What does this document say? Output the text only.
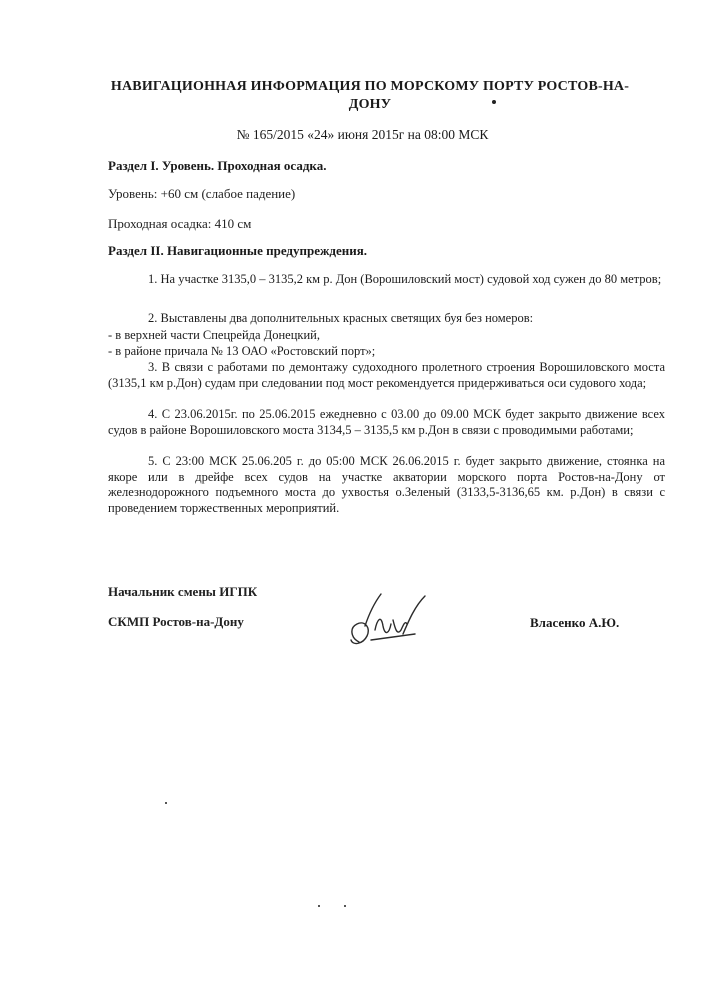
НАВИГАЦИОННАЯ ИНФОРМАЦИЯ ПО МОРСКОМУ ПОРТУ РОСТОВ-НА-
ДОНУ
№ 165/2015 «24» июня 2015г на 08:00 МСК
Раздел I. Уровень. Проходная осадка.
Уровень: +60 см (слабое падение)
Проходная осадка: 410 см
Раздел II. Навигационные предупреждения.
1. На участке 3135,0 – 3135,2 км р. Дон (Ворошиловский мост) судовой ход сужен до 80 метров;
2. Выставлены два дополнительных красных светящих буя без номеров:
- в верхней части Спецрейда Донецкий,
- в районе причала № 13 ОАО «Ростовский порт»;
3. В связи с работами по демонтажу судоходного пролетного строения Ворошиловского моста (3135,1 км р.Дон) судам при следовании под мост рекомендуется придерживаться оси судового хода;
4. С 23.06.2015г. по 25.06.2015 ежедневно с 03.00 до 09.00 МСК будет закрыто движение всех судов в районе Ворошиловского моста 3134,5 – 3135,5 км р.Дон в связи с проводимыми работами;
5. С 23:00 МСК 25.06.205 г. до 05:00 МСК 26.06.2015 г. будет закрыто движение, стоянка на якоре или в дрейфе всех судов на участке акватории морского порта Ростов-на-Дону от железнодорожного подъемного моста до ухвостья о.Зеленый (3133,5-3136,65 км. р.Дон) в связи с проведением торжественных мероприятий.
Начальник смены ИГПК
СКМП Ростов-на-Дону	Власенко А.Ю.
